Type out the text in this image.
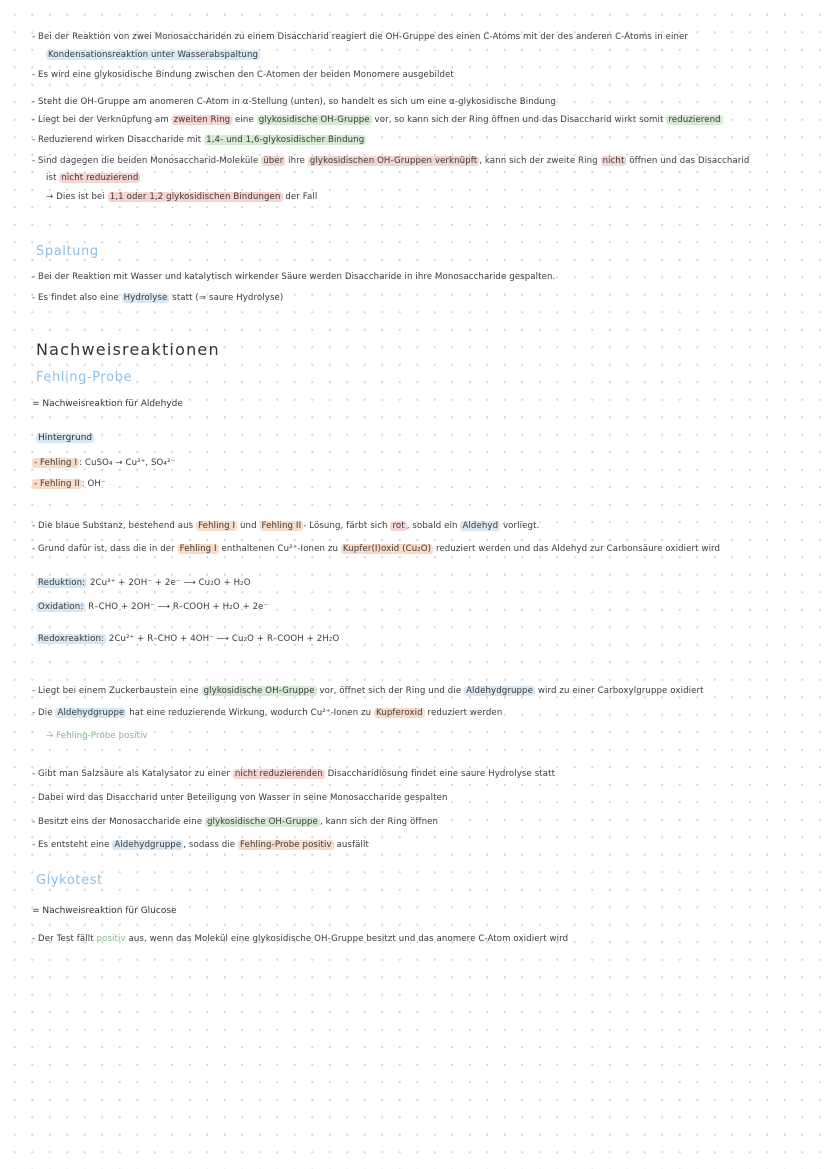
- Bei der Reaktion von zwei Monosacchariden zu einem Disaccharid reagiert die OH-Gruppe des einen C-Atoms mit der des anderen C-Atoms in einer
Kondensationsreaktion unter Wasserabspaltung
- Es wird eine glykosidische Bindung zwischen den C-Atomen der beiden Monomere ausgebildet
- Steht die OH-Gruppe am anomeren C-Atom in α-Stellung (unten), so handelt es sich um eine α-glykosidische Bindung
- Liegt bei der Verknüpfung am zweiten Ring eine glykosidische OH-Gruppe vor, so kann sich der Ring öffnen und das Disaccharid wirkt somit reduzierend
- Reduzierend wirken Disaccharide mit 1,4- und 1,6-glykosidischer Bindung
- Sind dagegen die beiden Monosaccharid-Moleküle über ihre glykosidischen OH-Gruppen verknüpft , kann sich der zweite Ring nicht öffnen und das Disaccharid
ist nicht reduzierend
→ Dies ist bei 1,1 oder 1,2 glykosidischen Bindungen der Fall
Spaltung
- Bei der Reaktion mit Wasser und katalytisch wirkender Säure werden Disaccharide in ihre Monosaccharide gespalten.
- Es findet also eine Hydrolyse statt (⇒ saure Hydrolyse)
Nachweisreaktionen
Fehling-Probe
= Nachweisreaktion für Aldehyde
Hintergrund
- Fehling I : CuSO₄ → Cu²⁺, SO₄²⁻
- Fehling II : OH⁻
- Die blaue Substanz, bestehend aus Fehling I und Fehling II - Lösung, färbt sich rot , sobald ein Aldehyd vorliegt.
- Grund dafür ist, dass die in der Fehling I enthaltenen Cu²⁺-Ionen zu Kupfer(I)oxid (Cu₂O) reduziert werden und das Aldehyd zur Carbonsäure oxidiert wird
Reduktion: 2Cu²⁺ + 2OH⁻ + 2e⁻ ⟶ Cu₂O + H₂O
Oxidation: R–CHO + 2OH⁻ ⟶ R–COOH + H₂O + 2e⁻
Redoxreaktion: 2Cu²⁺ + R–CHO + 4OH⁻ ⟶ Cu₂O + R–COOH + 2H₂O
- Liegt bei einem Zuckerbaustein eine glykosidische OH-Gruppe vor, öffnet sich der Ring und die Aldehydgruppe wird zu einer Carboxylgruppe oxidiert
- Die Aldehydgruppe hat eine reduzierende Wirkung, wodurch Cu²⁺-Ionen zu Kupferoxid reduziert werden
→ Fehling-Probe positiv
- Gibt man Salzsäure als Katalysator zu einer nicht reduzierenden Disaccharidlösung findet eine saure Hydrolyse statt
- Dabei wird das Disaccharid unter Beteiligung von Wasser in seine Monosaccharide gespalten
- Besitzt eins der Monosaccharide eine glykosidische OH-Gruppe , kann sich der Ring öffnen
- Es entsteht eine Aldehydgruppe , sodass die Fehling-Probe positiv ausfällt
Glykotest
= Nachweisreaktion für Glucose
- Der Test fällt positiv aus, wenn das Molekül eine glykosidische OH-Gruppe besitzt und das anomere C-Atom oxidiert wird
